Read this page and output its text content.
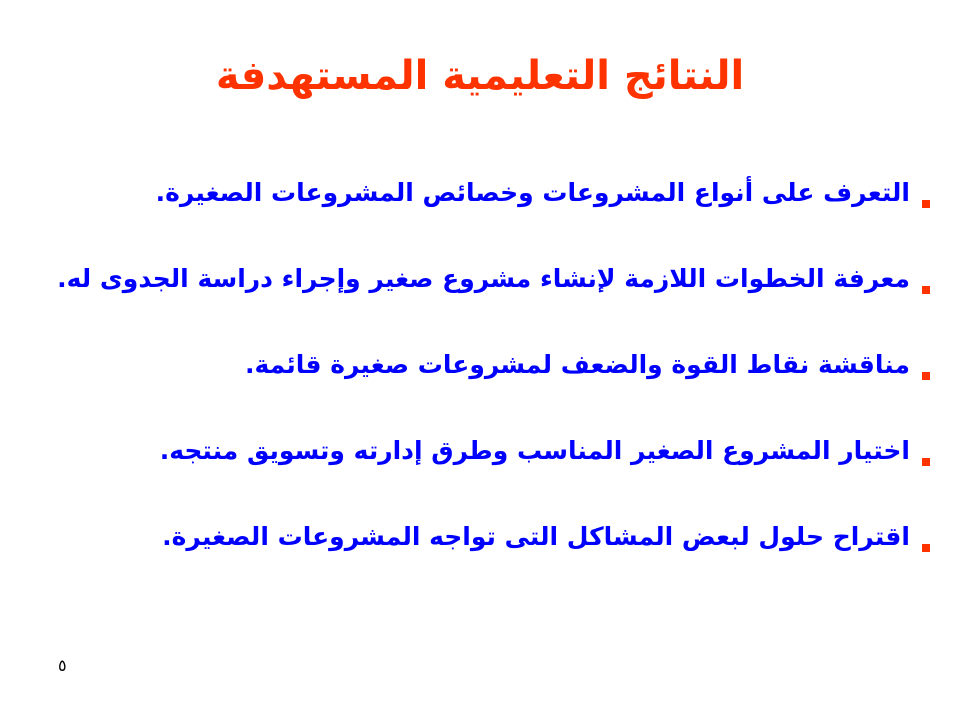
النتائج التعليمية المستهدفة
التعرف على أنواع المشروعات وخصائص المشروعات الصغيرة.
معرفة الخطوات اللازمة لإنشاء مشروع صغير وإجراء دراسة الجدوى له.
مناقشة نقاط القوة والضعف لمشروعات صغيرة قائمة.
اختيار المشروع الصغير المناسب وطرق إدارته وتسويق منتجه.
اقتراح حلول لبعض المشاكل التى تواجه المشروعات الصغيرة.
٥
